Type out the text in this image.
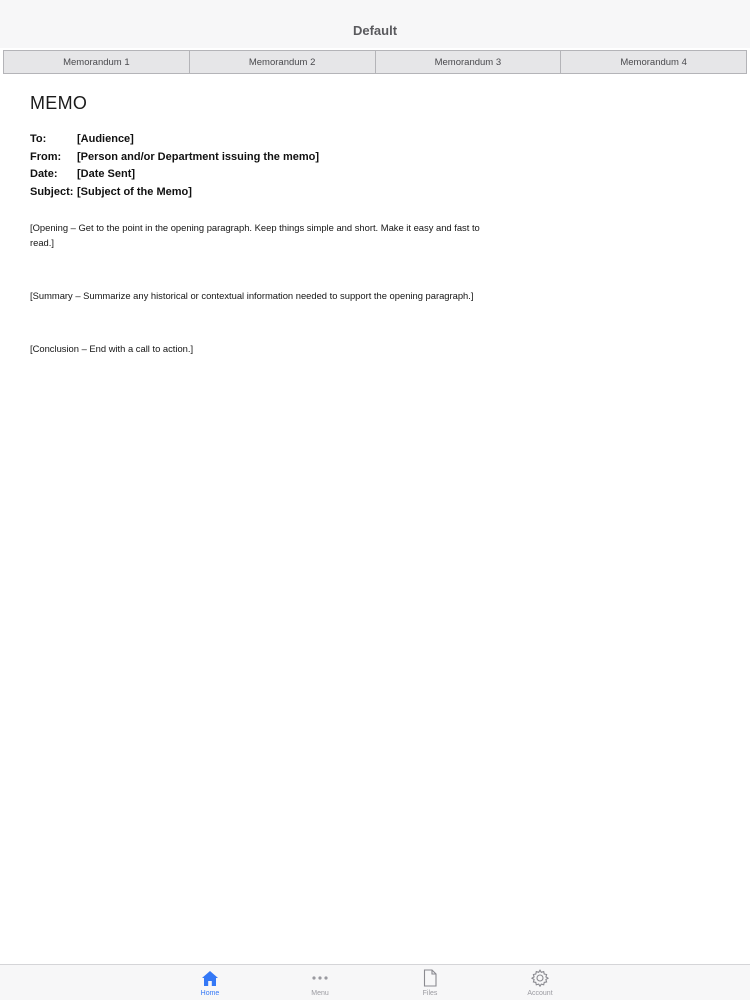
Default
Memorandum 1	Memorandum 2	Memorandum 3	Memorandum 4
MEMO
To:	[Audience]
From:	[Person and/or Department issuing the memo]
Date:	[Date Sent]
Subject: [Subject of the Memo]

[Opening – Get to the point in the opening paragraph. Keep things simple and short. Make it easy and fast to read.]

[Summary – Summarize any historical or contextual information needed to support the opening paragraph.]

[Conclusion – End with a call to action.]

Home	Menu	Files	Account
